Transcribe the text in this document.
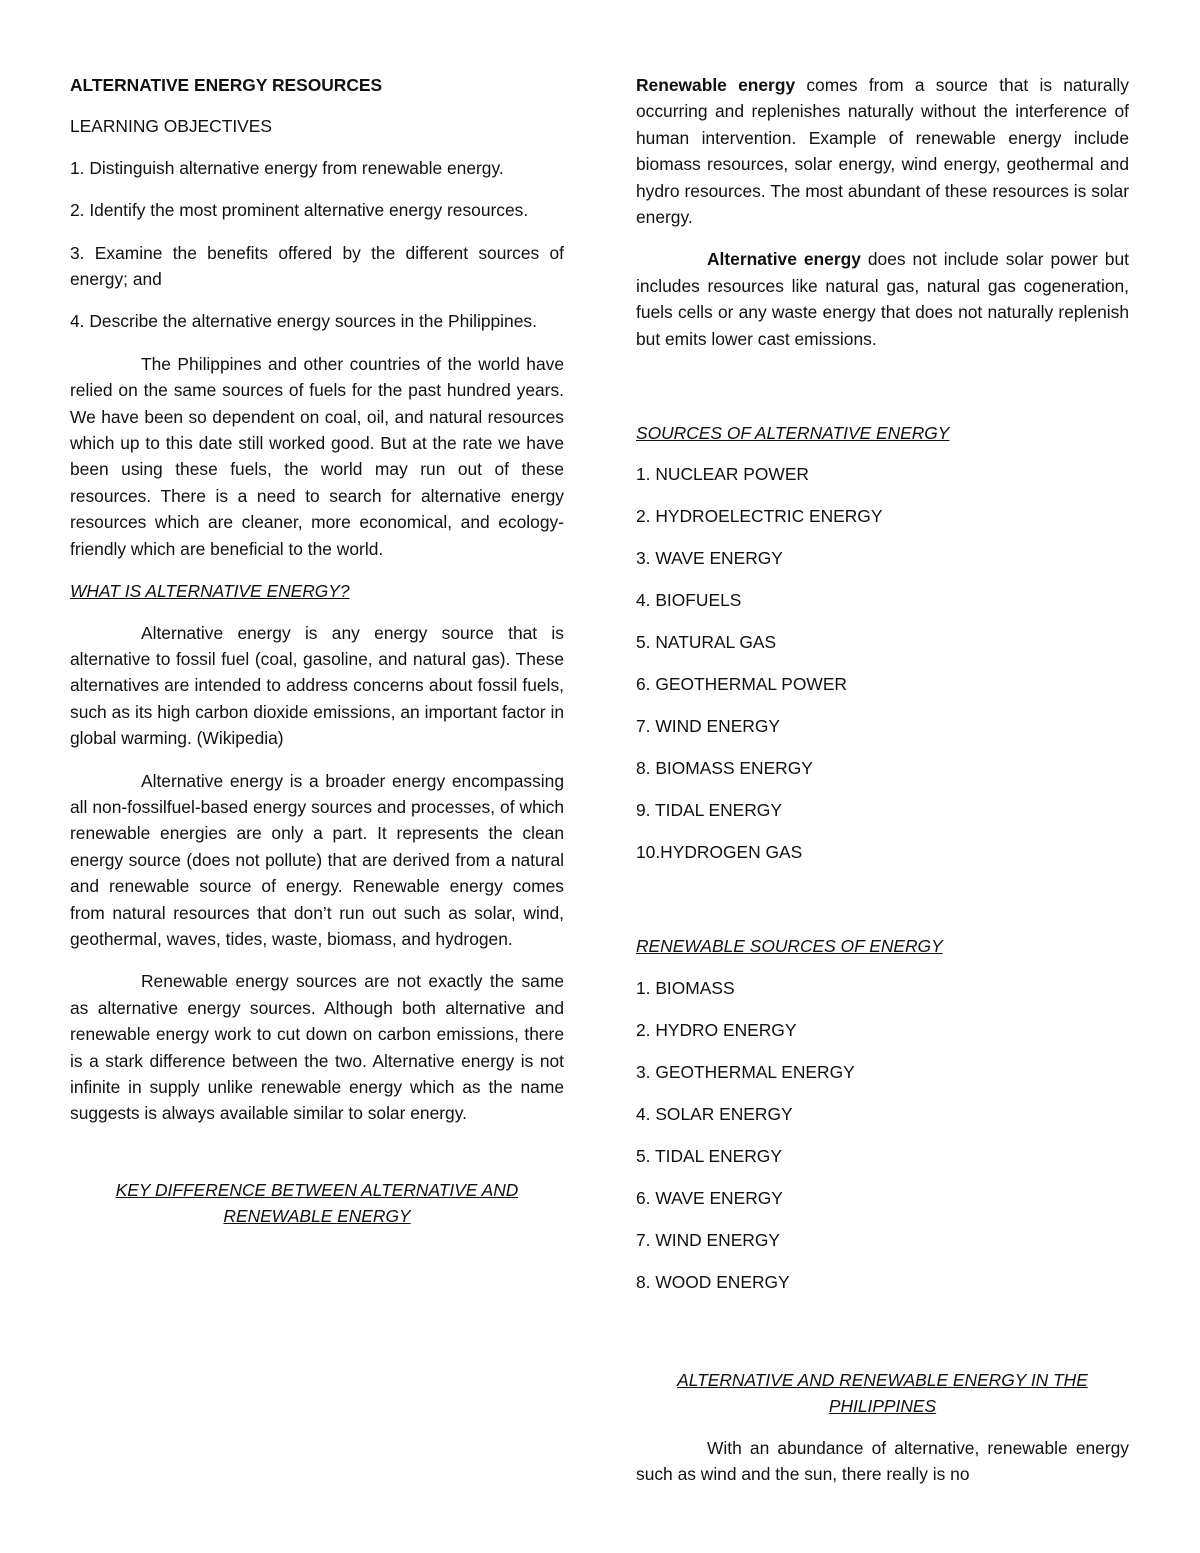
ALTERNATIVE ENERGY RESOURCES

LEARNING OBJECTIVES

1. Distinguish alternative energy from renewable energy.

2. Identify the most prominent alternative energy resources.

3. Examine the benefits offered by the different sources of energy; and

4. Describe the alternative energy sources in the Philippines.

The Philippines and other countries of the world have relied on the same sources of fuels for the past hundred years. We have been so dependent on coal, oil, and natural resources which up to this date still worked good. But at the rate we have been using these fuels, the world may run out of these resources. There is a need to search for alternative energy resources which are cleaner, more economical, and ecology-friendly which are beneficial to the world.

WHAT IS ALTERNATIVE ENERGY?

Alternative energy is any energy source that is alternative to fossil fuel (coal, gasoline, and natural gas). These alternatives are intended to address concerns about fossil fuels, such as its high carbon dioxide emissions, an important factor in global warming. (Wikipedia)

Alternative energy is a broader energy encompassing all non-fossilfuel-based energy sources and processes, of which renewable energies are only a part. It represents the clean energy source (does not pollute) that are derived from a natural and renewable source of energy. Renewable energy comes from natural resources that don’t run out such as solar, wind, geothermal, waves, tides, waste, biomass, and hydrogen.

Renewable energy sources are not exactly the same as alternative energy sources. Although both alternative and renewable energy work to cut down on carbon emissions, there is a stark difference between the two. Alternative energy is not infinite in supply unlike renewable energy which as the name suggests is always available similar to solar energy.

KEY DIFFERENCE BETWEEN ALTERNATIVE AND RENEWABLE ENERGY

Renewable energy comes from a source that is naturally occurring and replenishes naturally without the interference of human intervention. Example of renewable energy include biomass resources, solar energy, wind energy, geothermal and hydro resources. The most abundant of these resources is solar energy.

Alternative energy does not include solar power but includes resources like natural gas, natural gas cogeneration, fuels cells or any waste energy that does not naturally replenish but emits lower cast emissions.

SOURCES OF ALTERNATIVE ENERGY

1. NUCLEAR POWER

2. HYDROELECTRIC ENERGY

3. WAVE ENERGY

4. BIOFUELS

5. NATURAL GAS

6. GEOTHERMAL POWER

7. WIND ENERGY

8. BIOMASS ENERGY

9. TIDAL ENERGY

10.HYDROGEN GAS

RENEWABLE SOURCES OF ENERGY

1. BIOMASS

2. HYDRO ENERGY

3. GEOTHERMAL ENERGY

4. SOLAR ENERGY

5. TIDAL ENERGY

6. WAVE ENERGY

7. WIND ENERGY

8. WOOD ENERGY

ALTERNATIVE AND RENEWABLE ENERGY IN THE PHILIPPINES

With an abundance of alternative, renewable energy such as wind and the sun, there really is no
